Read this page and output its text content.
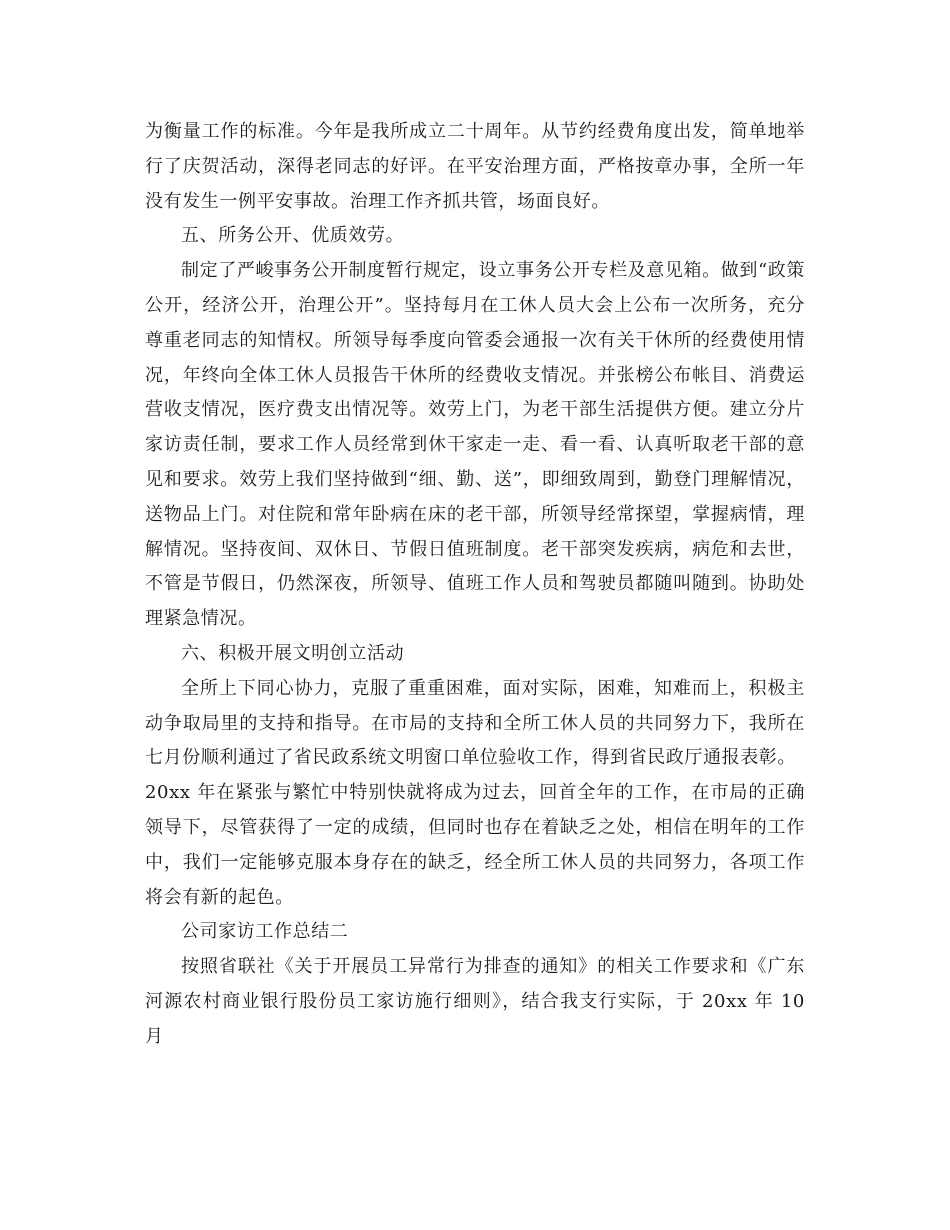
为衡量工作的标准。今年是我所成立二十周年。从节约经费角度出发，简单地举行了庆贺活动，深得老同志的好评。在平安治理方面，严格按章办事，全所一年没有发生一例平安事故。治理工作齐抓共管，场面良好。

五、所务公开、优质效劳。

制定了严峻事务公开制度暂行规定，设立事务公开专栏及意见箱。做到“政策公开，经济公开，治理公开”。坚持每月在工休人员大会上公布一次所务，充分尊重老同志的知情权。所领导每季度向管委会通报一次有关干休所的经费使用情况，年终向全体工休人员报告干休所的经费收支情况。并张榜公布帐目、消费运营收支情况，医疗费支出情况等。效劳上门，为老干部生活提供方便。建立分片家访责任制，要求工作人员经常到休干家走一走、看一看、认真听取老干部的意见和要求。效劳上我们坚持做到“细、勤、送”，即细致周到，勤登门理解情况，送物品上门。对住院和常年卧病在床的老干部，所领导经常探望，掌握病情，理解情况。坚持夜间、双休日、节假日值班制度。老干部突发疾病，病危和去世，不管是节假日，仍然深夜，所领导、值班工作人员和驾驶员都随叫随到。协助处理紧急情况。

六、积极开展文明创立活动

全所上下同心协力，克服了重重困难，面对实际，困难，知难而上，积极主动争取局里的支持和指导。在市局的支持和全所工休人员的共同努力下，我所在七月份顺利通过了省民政系统文明窗口单位验收工作，得到省民政厅通报表彰。

20xx 年在紧张与繁忙中特别快就将成为过去，回首全年的工作，在市局的正确领导下，尽管获得了一定的成绩，但同时也存在着缺乏之处，相信在明年的工作中，我们一定能够克服本身存在的缺乏，经全所工休人员的共同努力，各项工作将会有新的起色。

公司家访工作总结二

按照省联社《关于开展员工异常行为排查的通知》的相关工作要求和《广东河源农村商业银行股份员工家访施行细则》，结合我支行实际，于 20xx 年 10 月
